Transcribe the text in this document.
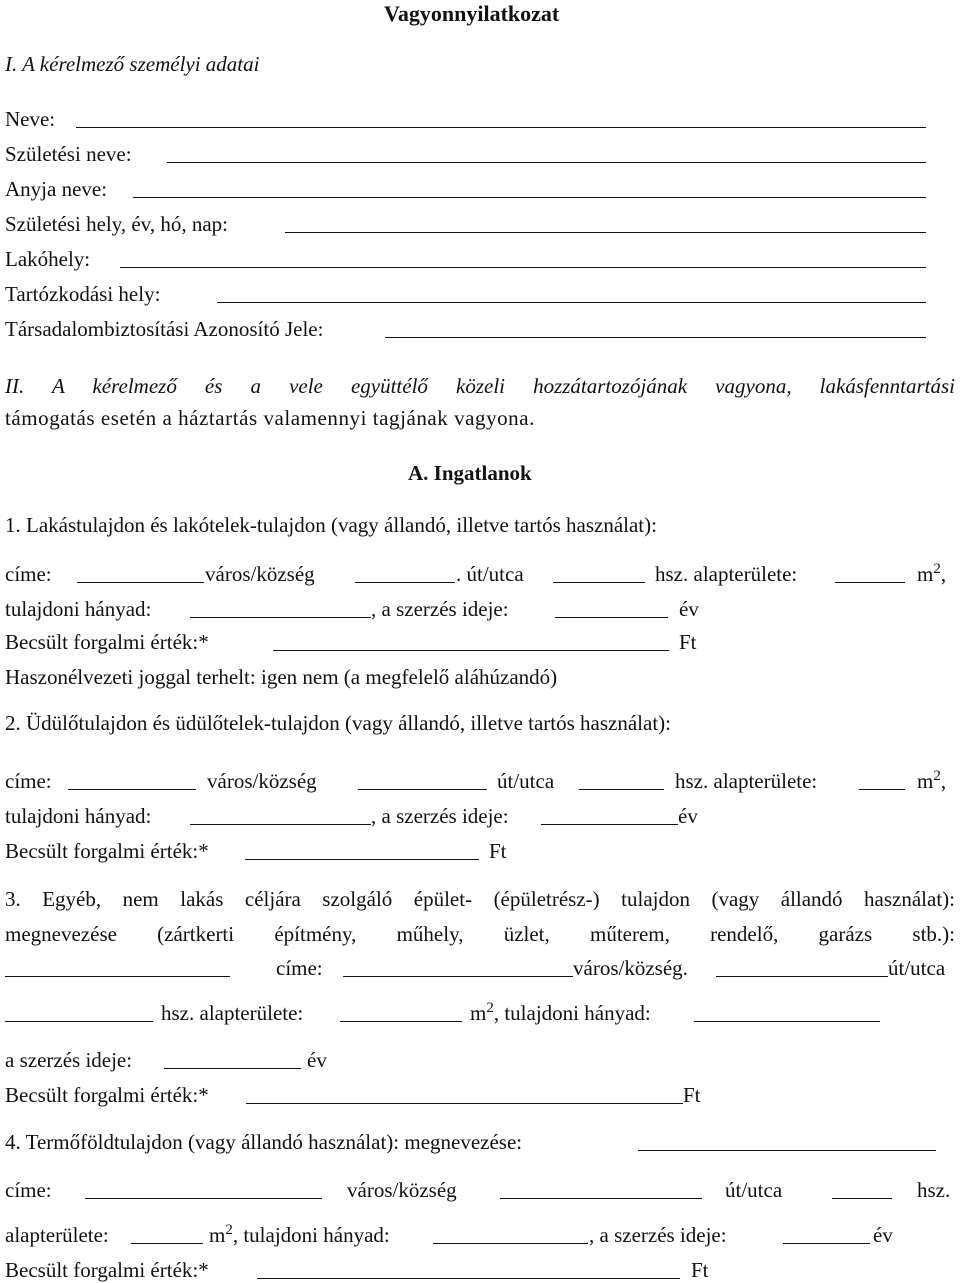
Vagyonnyilatkozat
I. A kérelmező személyi adatai
Neve:
Születési neve:
Anyja neve:
Születési hely, év, hó, nap:
Lakóhely:
Tartózkodási hely:
Társadalombiztosítási Azonosító Jele:
II. A kérelmező és a vele együttélő közeli hozzátartozójának vagyona, lakásfenntartási
támogatás esetén a háztartás valamennyi tagjának vagyona.
A. Ingatlanok
1. Lakástulajdon és lakótelek-tulajdon (vagy állandó, illetve tartós használat):
címe:	város/község	. út/utca	hsz. alapterülete:	$m^2$,
tulajdoni hányad:	, a szerzés ideje:	év
Becsült forgalmi érték:*	Ft
Haszonélvezeti joggal terhelt: igen nem (a megfelelő aláhúzandó)
2. Üdülőtulajdon és üdülőtelek-tulajdon (vagy állandó, illetve tartós használat):
címe:	város/község	út/utca	hsz. alapterülete:	$m^2$,
tulajdoni hányad:	, a szerzés ideje:	év
Becsült forgalmi érték:*	Ft
3. Egyéb, nem lakás céljára szolgáló épület- (épületrész-) tulajdon (vagy állandó használat):
megnevezése (zártkerti építmény, műhely, üzlet, műterem, rendelő, garázs stb.):
címe:	város/község.	út/utca
hsz. alapterülete:	$m^2$, tulajdoni hányad:
a szerzés ideje:	év
Becsült forgalmi érték:*	Ft
4. Termőföldtulajdon (vagy állandó használat): megnevezése:
címe:	város/község	út/utca	hsz.
alapterülete:	$m^2$, tulajdoni hányad:	, a szerzés ideje:	év
Becsült forgalmi érték:*	Ft
